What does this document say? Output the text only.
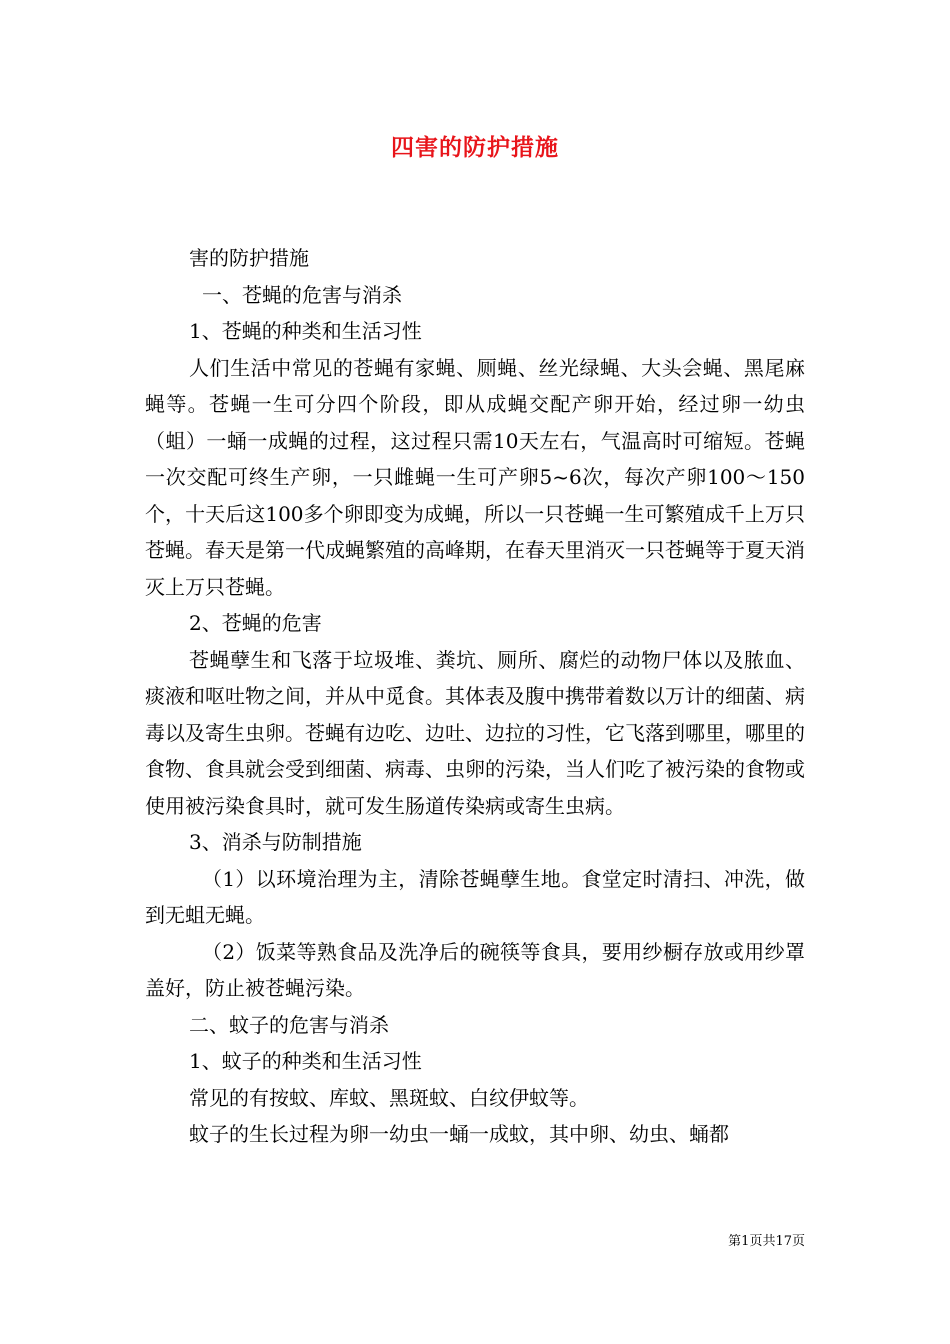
四害的防护措施

害的防护措施

一、苍蝇的危害与消杀

1、苍蝇的种类和生活习性

人们生活中常见的苍蝇有家蝇、厕蝇、丝光绿蝇、大头会蝇、黑尾麻蝇等。苍蝇一生可分四个阶段，即从成蝇交配产卵开始，经过卵一幼虫（蛆）一蛹一成蝇的过程，这过程只需10天左右，气温高时可缩短。苍蝇一次交配可终生产卵，一只雌蝇一生可产卵5~6次，每次产卵100～150个，十天后这100多个卵即变为成蝇，所以一只苍蝇一生可繁殖成千上万只苍蝇。春天是第一代成蝇繁殖的高峰期，在春天里消灭一只苍蝇等于夏天消灭上万只苍蝇。

2、苍蝇的危害

苍蝇孽生和飞落于垃圾堆、粪坑、厕所、腐烂的动物尸体以及脓血、痰液和呕吐物之间，并从中觅食。其体表及腹中携带着数以万计的细菌、病毒以及寄生虫卵。苍蝇有边吃、边吐、边拉的习性，它飞落到哪里，哪里的食物、食具就会受到细菌、病毒、虫卵的污染，当人们吃了被污染的食物或使用被污染食具时，就可发生肠道传染病或寄生虫病。

3、消杀与防制措施

（1）以环境治理为主，清除苍蝇孽生地。食堂定时清扫、冲洗，做到无蛆无蝇。

（2）饭菜等熟食品及洗净后的碗筷等食具，要用纱橱存放或用纱罩盖好，防止被苍蝇污染。

二、蚊子的危害与消杀

1、蚊子的种类和生活习性

常见的有按蚊、库蚊、黑斑蚊、白纹伊蚊等。

蚊子的生长过程为卵一幼虫一蛹一成蚊，其中卵、幼虫、蛹都

第1页共17页
